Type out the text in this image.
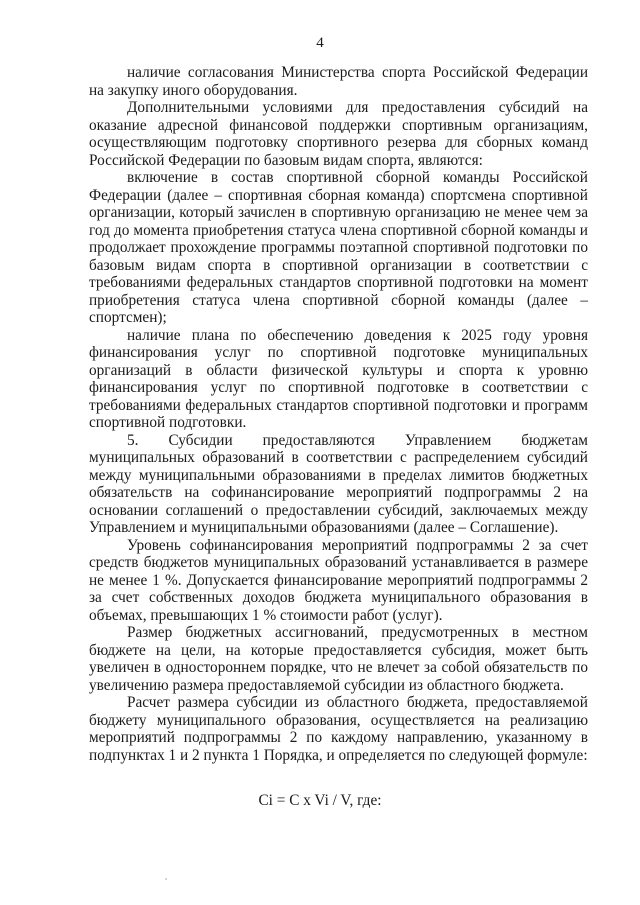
4

наличие согласования Министерства спорта Российской Федерации на закупку иного оборудования.

Дополнительными условиями для предоставления субсидий на оказание адресной финансовой поддержки спортивным организациям, осуществляющим подготовку спортивного резерва для сборных команд Российской Федерации по базовым видам спорта, являются:

включение в состав спортивной сборной команды Российской Федерации (далее – спортивная сборная команда) спортсмена спортивной организации, который зачислен в спортивную организацию не менее чем за год до момента приобретения статуса члена спортивной сборной команды и продолжает прохождение программы поэтапной спортивной подготовки по базовым видам спорта в спортивной организации в соответствии с требованиями федеральных стандартов спортивной подготовки на момент приобретения статуса члена спортивной сборной команды (далее – спортсмен);

наличие плана по обеспечению доведения к 2025 году уровня финансирования услуг по спортивной подготовке муниципальных организаций в области физической культуры и спорта к уровню финансирования услуг по спортивной подготовке в соответствии с требованиями федеральных стандартов спортивной подготовки и программ спортивной подготовки.

5. Субсидии предоставляются Управлением бюджетам муниципальных образований в соответствии с распределением субсидий между муниципальными образованиями в пределах лимитов бюджетных обязательств на софинансирование мероприятий подпрограммы 2 на основании соглашений о предоставлении субсидий, заключаемых между Управлением и муниципальными образованиями (далее – Соглашение).

Уровень софинансирования мероприятий подпрограммы 2 за счет средств бюджетов муниципальных образований устанавливается в размере не менее 1 %. Допускается финансирование мероприятий подпрограммы 2 за счет собственных доходов бюджета муниципального образования в объемах, превышающих 1 % стоимости работ (услуг).

Размер бюджетных ассигнований, предусмотренных в местном бюджете на цели, на которые предоставляется субсидия, может быть увеличен в одностороннем порядке, что не влечет за собой обязательств по увеличению размера предоставляемой субсидии из областного бюджета.

Расчет размера субсидии из областного бюджета, предоставляемой бюджету муниципального образования, осуществляется на реализацию мероприятий подпрограммы 2 по каждому направлению, указанному в подпунктах 1 и 2 пункта 1 Порядка, и определяется по следующей формуле:

Ci = C x Vi / V, где:
